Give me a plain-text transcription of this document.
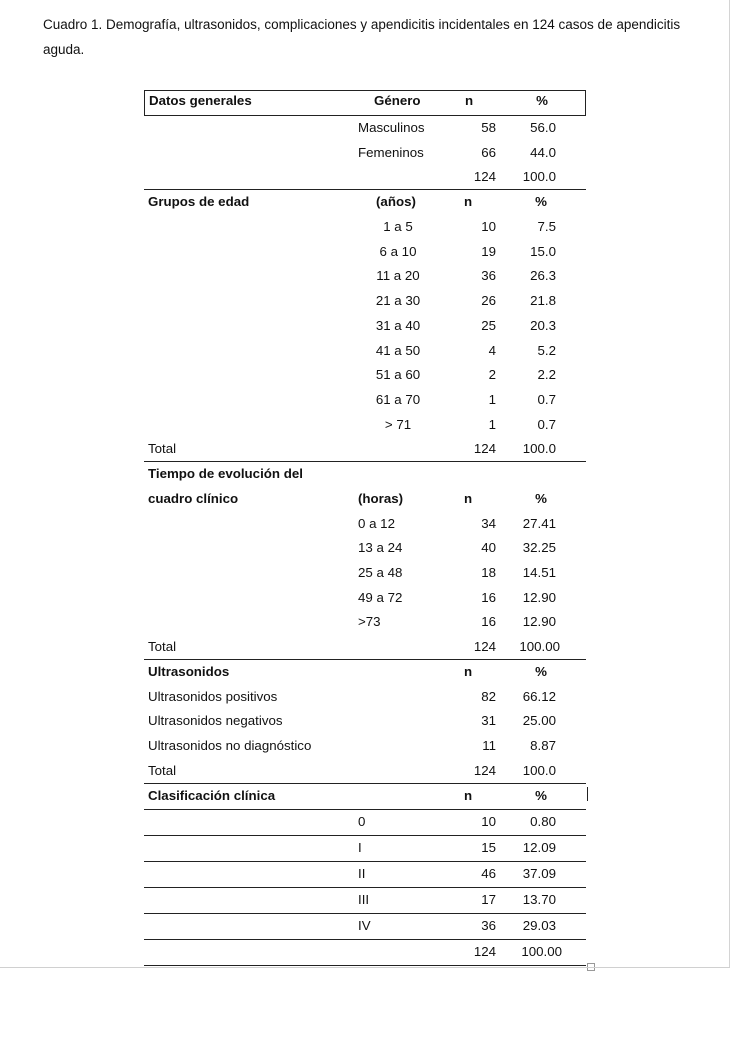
Cuadro 1. Demografía, ultrasonidos, complicaciones y apendicitis incidentales en 124 casos de apendicitis aguda.
Datos generales	Género	n	%
Masculinos	58	56.0
Femeninos	66	44.0
124	100.0
Grupos de edad	(años)	n	%
1 a 5	10	7.5
6 a 10	19	15.0
11 a 20	36	26.3
21 a 30	26	21.8
31 a 40	25	20.3
41 a 50	4	5.2
51 a 60	2	2.2
61 a 70	1	0.7
> 71	1	0.7
Total	124	100.0
Tiempo de evolución del
cuadro clínico	(horas)	n	%
0 a 12	34	27.41
13 a 24	40	32.25
25 a 48	18	14.51
49 a 72	16	12.90
>73	16	12.90
Total	124	100.00
Ultrasonidos	n	%
Ultrasonidos positivos	82	66.12
Ultrasonidos negativos	31	25.00
Ultrasonidos no diagnóstico	11	8.87
Total	124	100.0
Clasificación clínica	n	%
0	10	0.80
I	15	12.09
II	46	37.09
III	17	13.70
IV	36	29.03
124	100.00
